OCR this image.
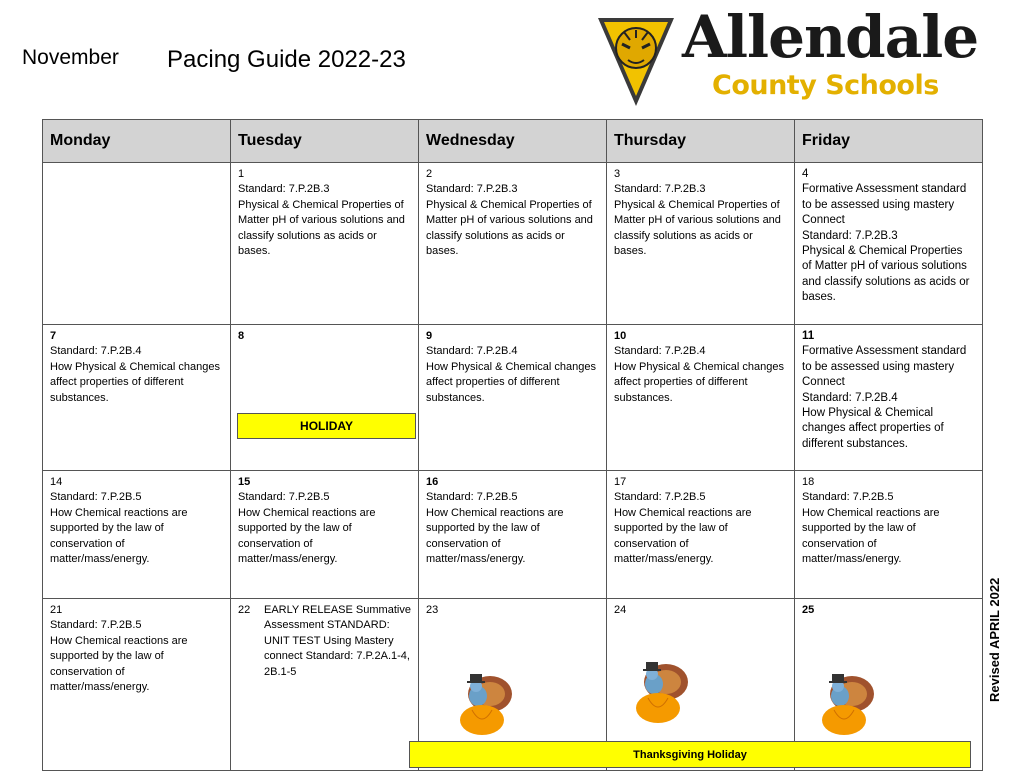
November Pacing Guide 2022-23	Allendale
County Schools
Revised APRIL 2022
Monday	Tuesday	Wednesday	Thursday	Friday

	1
Standard: 7.P.2B.3
Physical & Chemical Properties of Matter pH of various solutions and classify solutions as acids or bases.	2
Standard: 7.P.2B.3
Physical & Chemical Properties of Matter pH of various solutions and classify solutions as acids or bases.	3
Standard: 7.P.2B.3
Physical & Chemical Properties of Matter pH of various solutions and classify solutions as acids or bases.	4
Formative Assessment standard to be assessed using mastery Connect
Standard: 7.P.2B.3
Physical & Chemical Properties of Matter pH of various solutions and classify solutions as acids or bases.

7
Standard: 7.P.2B.4
How Physical & Chemical changes affect properties of different substances.	8	9
Standard: 7.P.2B.4
How Physical & Chemical changes affect properties of different substances.	10
Standard: 7.P.2B.4
How Physical & Chemical changes affect properties of different substances.	11
Formative Assessment standard to be assessed using mastery Connect
Standard: 7.P.2B.4
How Physical & Chemical changes affect properties of different substances.

14
Standard: 7.P.2B.5
How Chemical reactions are supported by the law of conservation of matter/mass/energy.	15
Standard: 7.P.2B.5
How Chemical reactions are supported by the law of conservation of matter/mass/energy.	16
Standard: 7.P.2B.5
How Chemical reactions are supported by the law of conservation of matter/mass/energy.	17
Standard: 7.P.2B.5
How Chemical reactions are supported by the law of conservation of matter/mass/energy.	18
Standard: 7.P.2B.5
How Chemical reactions are supported by the law of conservation of matter/mass/energy.

21
Standard: 7.P.2B.5
How Chemical reactions are supported by the law of conservation of matter/mass/energy.	22 EARLY RELEASE Summative Assessment STANDARD: UNIT TEST Using Mastery connect Standard: 7.P.2A.1-4, 2B.1-5	23	24	25
HOLIDAY
Thanksgiving Holiday
